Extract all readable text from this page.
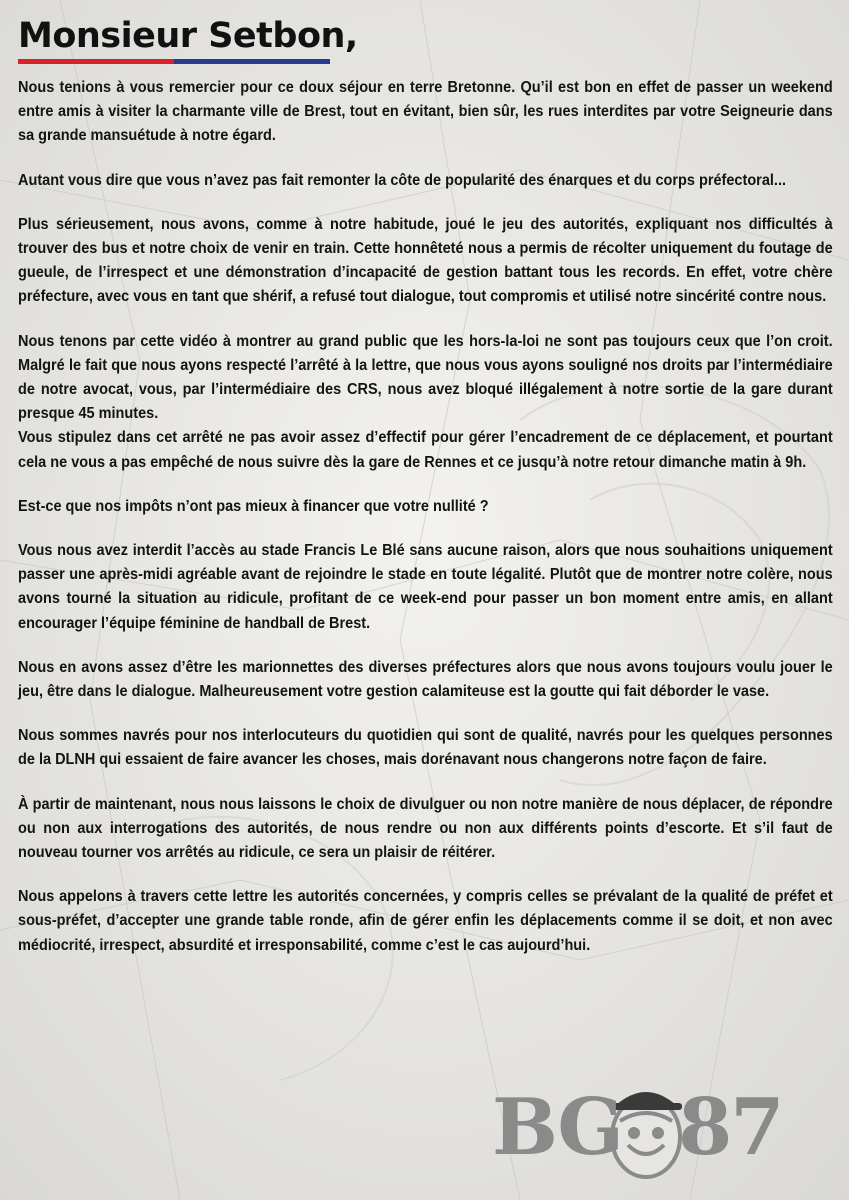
Monsieur Setbon,

Nous tenions à vous remercier pour ce doux séjour en terre Bretonne. Qu’il est bon en effet de passer un weekend entre amis à visiter la charmante ville de Brest, tout en évitant, bien sûr, les rues interdites par votre Seigneurie dans sa grande mansuétude à notre égard.

Autant vous dire que vous n’avez pas fait remonter la côte de popularité des énarques et du corps préfectoral...

Plus sérieusement, nous avons, comme à notre habitude, joué le jeu des autorités, expliquant nos difficultés à trouver des bus et notre choix de venir en train. Cette honnêteté nous a permis de récolter uniquement du foutage de gueule, de l’irrespect et une démonstration d’incapacité de gestion battant tous les records. En effet, votre chère préfecture, avec vous en tant que shérif, a refusé tout dialogue, tout compromis et utilisé notre sincérité contre nous.

Nous tenons par cette vidéo à montrer au grand public que les hors-la-loi ne sont pas toujours ceux que l’on croit. Malgré le fait que nous ayons respecté l’arrêté à la lettre, que nous vous ayons souligné nos droits par l’intermédiaire de notre avocat, vous, par l’intermédiaire des CRS, nous avez bloqué illégalement à notre sortie de la gare durant presque 45 minutes.

Vous stipulez dans cet arrêté ne pas avoir assez d’effectif pour gérer l’encadrement de ce déplacement, et pourtant cela ne vous a pas empêché de nous suivre dès la gare de Rennes et ce jusqu’à notre retour dimanche matin à 9h.

Est-ce que nos impôts n’ont pas mieux à financer que votre nullité ?

Vous nous avez interdit l’accès au stade Francis Le Blé sans aucune raison, alors que nous souhaitions uniquement passer une après-midi agréable avant de rejoindre le stade en toute légalité. Plutôt que de montrer notre colère, nous avons tourné la situation au ridicule, profitant de ce week-end pour passer un bon moment entre amis, en allant encourager l’équipe féminine de handball de Brest.

Nous en avons assez d’être les marionnettes des diverses préfectures alors que nous avons toujours voulu jouer le jeu, être dans le dialogue. Malheureusement votre gestion calamiteuse est la goutte qui fait déborder le vase.

Nous sommes navrés pour nos interlocuteurs du quotidien qui sont de qualité, navrés pour les quelques personnes de la DLNH qui essaient de faire avancer les choses, mais dorénavant nous changerons notre façon de faire.

À partir de maintenant, nous nous laissons le choix de divulguer ou non notre manière de nous déplacer, de répondre ou non aux interrogations des autorités, de nous rendre ou non aux différents points d’escorte. Et s’il faut de nouveau tourner vos arrêtés au ridicule, ce sera un plaisir de réitérer.

Nous appelons à travers cette lettre les autorités concernées, y compris celles se prévalant de la qualité de préfet et sous-préfet, d’accepter une grande table ronde, afin de gérer enfin les déplacements comme il se doit, et non avec médiocrité, irrespect, absurdité et irresponsabilité, comme c’est le cas aujourd’hui.

BG 87
